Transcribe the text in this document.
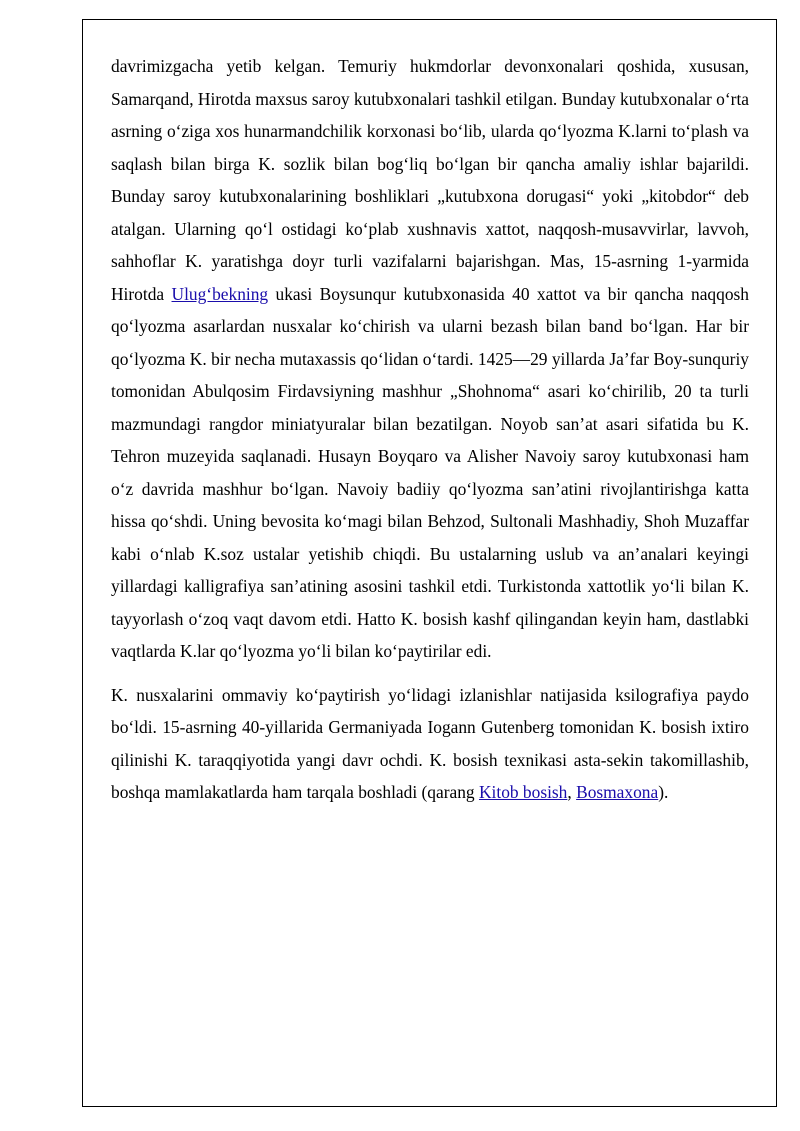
davrimizgacha yetib kelgan. Temuriy hukmdorlar devonxonalari qoshida, xususan, Samarqand, Hirotda maxsus saroy kutubxonalari tashkil etilgan. Bunday kutubxonalar o‘rta asrning o‘ziga xos hunarmandchilik korxonasi bo‘lib, ularda qo‘lyozma K.larni to‘plash va saqlash bilan birga K. sozlik bilan bog‘liq bo‘lgan bir qancha amaliy ishlar bajarildi. Bunday saroy kutubxonalarining boshliklari „kutubxona dorugasi“ yoki „kitobdor“ deb atalgan. Ularning qo‘l ostidagi ko‘plab xushnavis xattot, naqqosh-musavvirlar, lavvoh, sahhoflar K. yaratishga doyr turli vazifalarni bajarishgan. Mas, 15-asrning 1-yarmida Hirotda Ulug‘bekning ukasi Boysunqur kutubxonasida 40 xattot va bir qancha naqqosh qo‘lyozma asarlardan nusxalar ko‘chirish va ularni bezash bilan band bo‘lgan. Har bir qo‘lyozma K. bir necha mutaxassis qo‘lidan o‘tardi. 1425—29 yillarda Ja’far Boy-sunquriy tomonidan Abulqosim Firdavsiyning mashhur „Shohnoma“ asari ko‘chirilib, 20 ta turli mazmundagi rangdor miniatyuralar bilan bezatilgan. Noyob san’at asari sifatida bu K. Tehron muzeyida saqlanadi. Husayn Boyqaro va Alisher Navoiy saroy kutubxonasi ham o‘z davrida mashhur bo‘lgan. Navoiy badiiy qo‘lyozma san’atini rivojlantirishga katta hissa qo‘shdi. Uning bevosita ko‘magi bilan Behzod, Sultonali Mashhadiy, Shoh Muzaffar kabi o‘nlab K.soz ustalar yetishib chiqdi. Bu ustalarning uslub va an’analari keyingi yillardagi kalligrafiya san’atining asosini tashkil etdi. Turkistonda xattotlik yo‘li bilan K. tayyorlash o‘zoq vaqt davom etdi. Hatto K. bosish kashf qilingandan keyin ham, dastlabki vaqtlarda K.lar qo‘lyozma yo‘li bilan ko‘paytirilar edi.

K. nusxalarini ommaviy ko‘paytirish yo‘lidagi izlanishlar natijasida ksilografiya paydo bo‘ldi. 15-asrning 40-yillarida Germaniyada Iogann Gutenberg tomonidan K. bosish ixtiro qilinishi K. taraqqiyotida yangi davr ochdi. K. bosish texnikasi asta-sekin takomillashib, boshqa mamlakatlarda ham tarqala boshladi (qarang Kitob bosish, Bosmaxona).
